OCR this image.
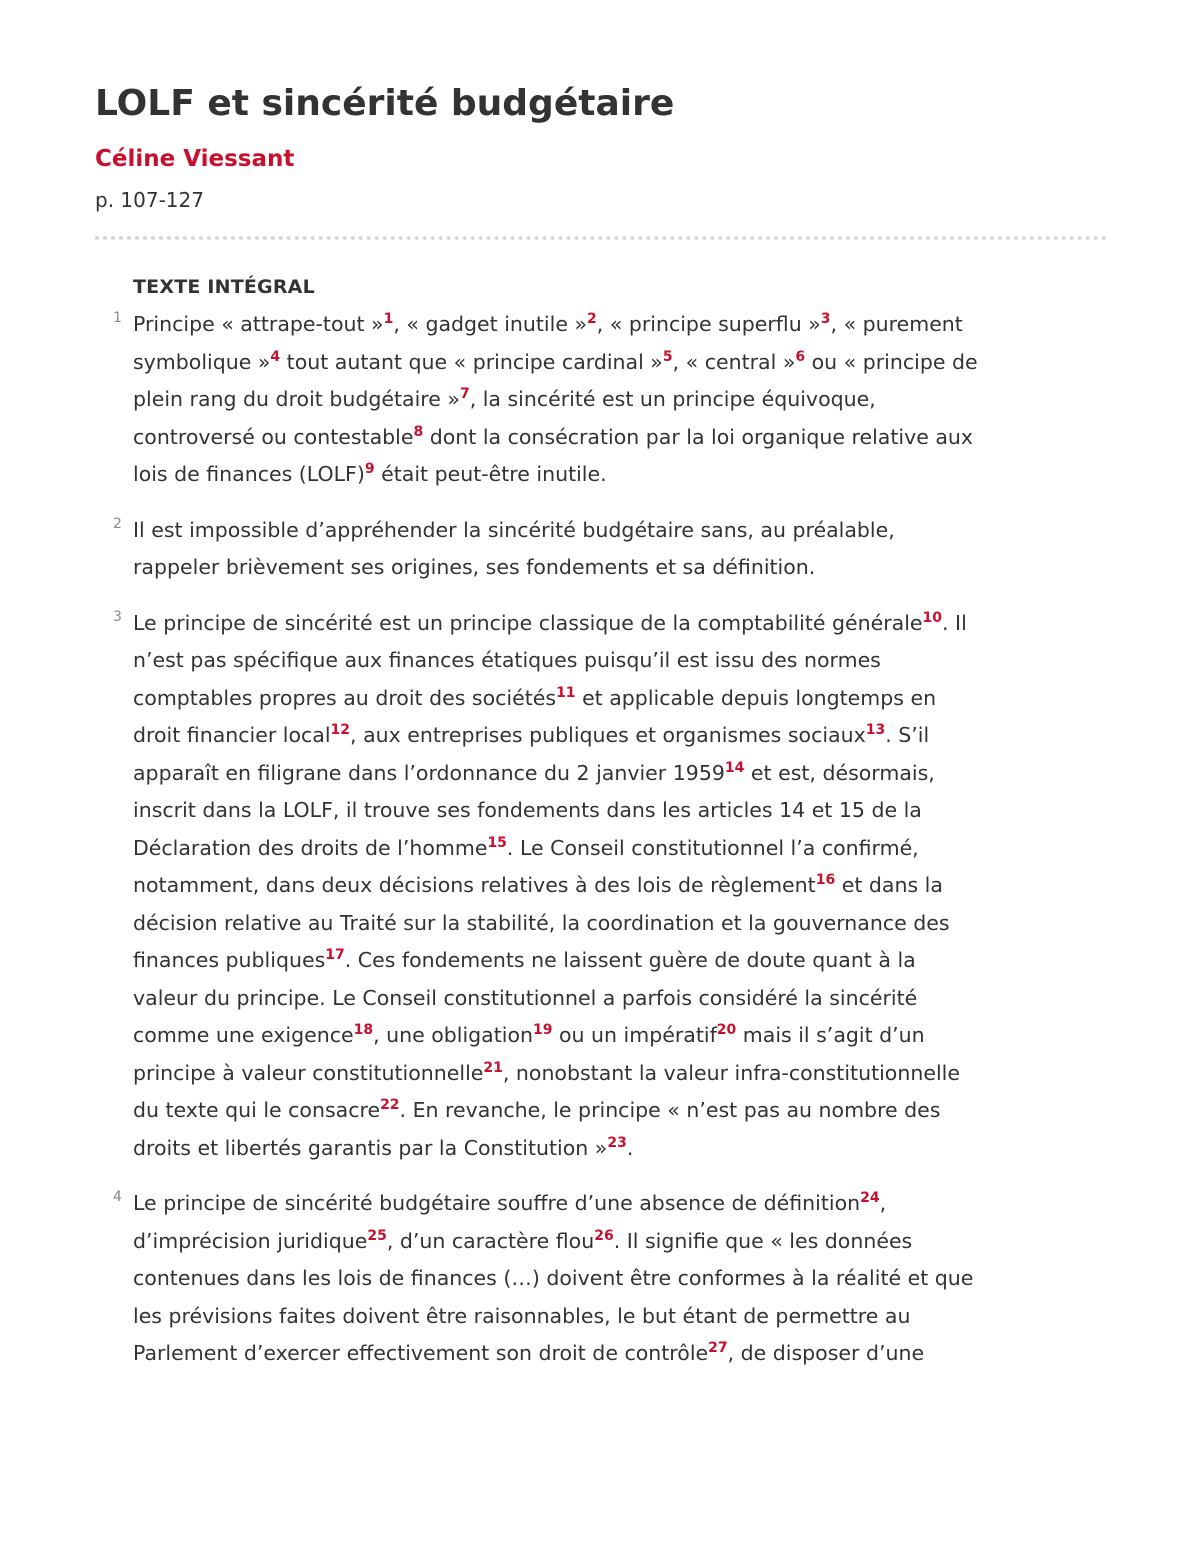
LOLF et sincérité budgétaire
Céline Viessant
p. 107-127
TEXTE INTÉGRAL
1 Principe « attrape-tout »$^1$, « gadget inutile »$^2$, « principe superflu »$^3$, « purement
symbolique »$^4$ tout autant que « principe cardinal »$^5$, « central »$^6$ ou « principe de
plein rang du droit budgétaire »$^7$, la sincérité est un principe équivoque,
controversé ou contestable$^8$ dont la consécration par la loi organique relative aux
lois de finances (LOLF)$^9$ était peut-être inutile.
2 Il est impossible d’appréhender la sincérité budgétaire sans, au préalable,
rappeler brièvement ses origines, ses fondements et sa définition.
3 Le principe de sincérité est un principe classique de la comptabilité générale$^{10}$. Il
n’est pas spécifique aux finances étatiques puisqu’il est issu des normes
comptables propres au droit des sociétés$^{11}$ et applicable depuis longtemps en
droit financier local$^{12}$, aux entreprises publiques et organismes sociaux$^{13}$. S’il
apparaît en filigrane dans l’ordonnance du 2 janvier 1959$^{14}$ et est, désormais,
inscrit dans la LOLF, il trouve ses fondements dans les articles 14 et 15 de la
Déclaration des droits de l’homme$^{15}$. Le Conseil constitutionnel l’a confirmé,
notamment, dans deux décisions relatives à des lois de règlement$^{16}$ et dans la
décision relative au Traité sur la stabilité, la coordination et la gouvernance des
finances publiques$^{17}$. Ces fondements ne laissent guère de doute quant à la
valeur du principe. Le Conseil constitutionnel a parfois considéré la sincérité
comme une exigence$^{18}$, une obligation$^{19}$ ou un impératif$^{20}$ mais il s’agit d’un
principe à valeur constitutionnelle$^{21}$, nonobstant la valeur infra-constitutionnelle
du texte qui le consacre$^{22}$. En revanche, le principe « n’est pas au nombre des
droits et libertés garantis par la Constitution »$^{23}$.
4 Le principe de sincérité budgétaire souffre d’une absence de définition$^{24}$,
d’imprécision juridique$^{25}$, d’un caractère flou$^{26}$. Il signifie que « les données
contenues dans les lois de finances (…) doivent être conformes à la réalité et que
les prévisions faites doivent être raisonnables, le but étant de permettre au
Parlement d’exercer effectivement son droit de contrôle$^{27}$, de disposer d’une
